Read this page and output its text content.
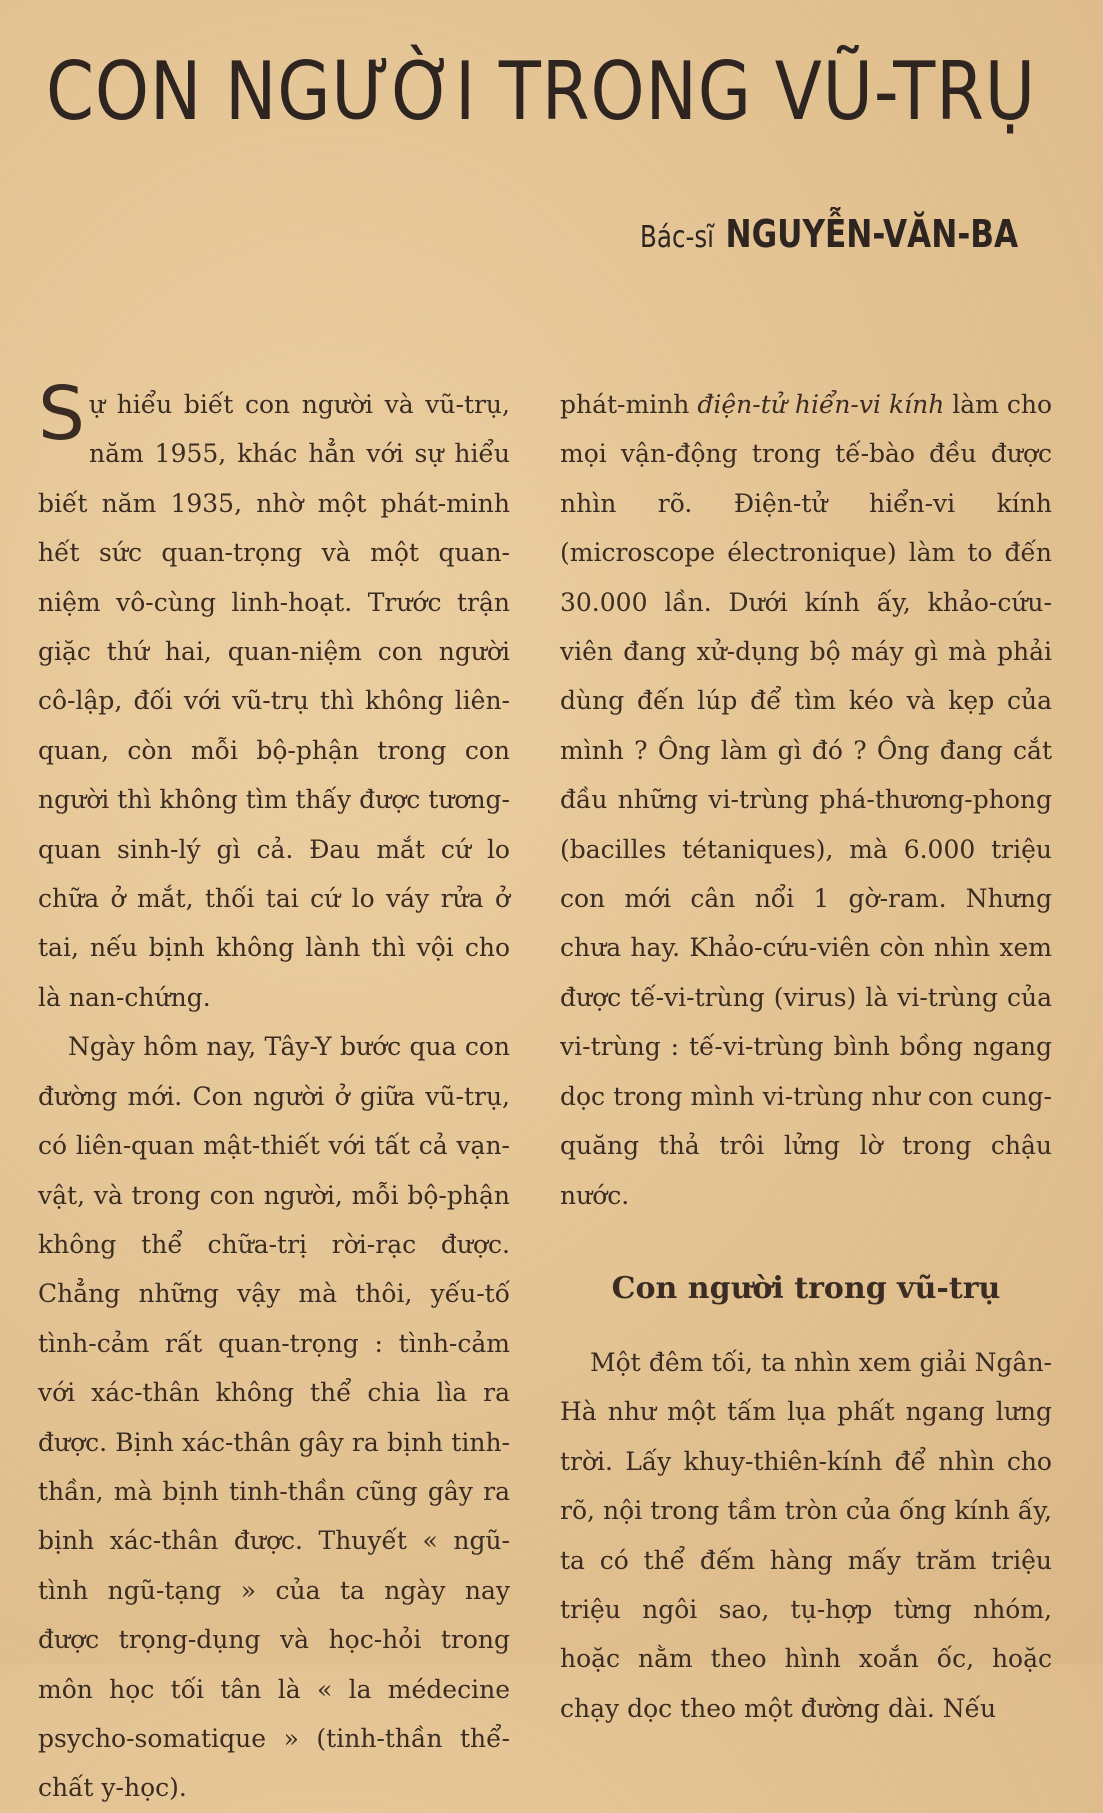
CON NGƯỜI TRONG VŨ-TRỤ
Bác-sĩ NGUYỄN-VĂN-BA

Sự hiểu biết con người và vũ-trụ, năm 1955, khác hẳn với sự hiểu biết năm 1935, nhờ một phát-minh hết sức quan-trọng và một quan-niệm vô-cùng linh-hoạt. Trước trận giặc thứ hai, quan-niệm con người cô-lập, đối với vũ-trụ thì không liên-quan, còn mỗi bộ-phận trong con người thì không tìm thấy được tương-quan sinh-lý gì cả. Đau mắt cứ lo chữa ở mắt, thối tai cứ lo váy rửa ở tai, nếu bịnh không lành thì vội cho là nan-chứng.

Ngày hôm nay, Tây-Y bước qua con đường mới. Con người ở giữa vũ-trụ, có liên-quan mật-thiết với tất cả vạn-vật, và trong con người, mỗi bộ-phận không thể chữa-trị rời-rạc được. Chẳng những vậy mà thôi, yếu-tố tình-cảm rất quan-trọng : tình-cảm với xác-thân không thể chia lìa ra được. Bịnh xác-thân gây ra bịnh tinh-thần, mà bịnh tinh-thần cũng gây ra bịnh xác-thân được. Thuyết « ngũ-tình ngũ-tạng » của ta ngày nay được trọng-dụng và học-hỏi trong môn học tối tân là « la médecine psycho-somatique » (tinh-thần thể-chất y-học).

phát-minh điện-tử hiển-vi kính làm cho mọi vận-động trong tế-bào đều được nhìn rõ. Điện-tử hiển-vi kính (microscope électronique) làm to đến 30.000 lần. Dưới kính ấy, khảo-cứu-viên đang xử-dụng bộ máy gì mà phải dùng đến lúp để tìm kéo và kẹp của mình ? Ông làm gì đó ? Ông đang cắt đầu những vi-trùng phá-thương-phong (bacilles tétaniques), mà 6.000 triệu con mới cân nổi 1 gờ-ram. Nhưng chưa hay. Khảo-cứu-viên còn nhìn xem được tế-vi-trùng (virus) là vi-trùng của vi-trùng : tế-vi-trùng bình bồng ngang dọc trong mình vi-trùng như con cung-quăng thả trôi lửng lờ trong chậu nước.

Con người trong vũ-trụ

Một đêm tối, ta nhìn xem giải Ngân-Hà như một tấm lụa phất ngang lưng trời. Lấy khuy-thiên-kính để nhìn cho rõ, nội trong tầm tròn của ống kính ấy, ta có thể đếm hàng mấy trăm triệu triệu ngôi sao, tụ-hợp từng nhóm, hoặc nằm theo hình xoắn ốc, hoặc chạy dọc theo một đường dài. Nếu
